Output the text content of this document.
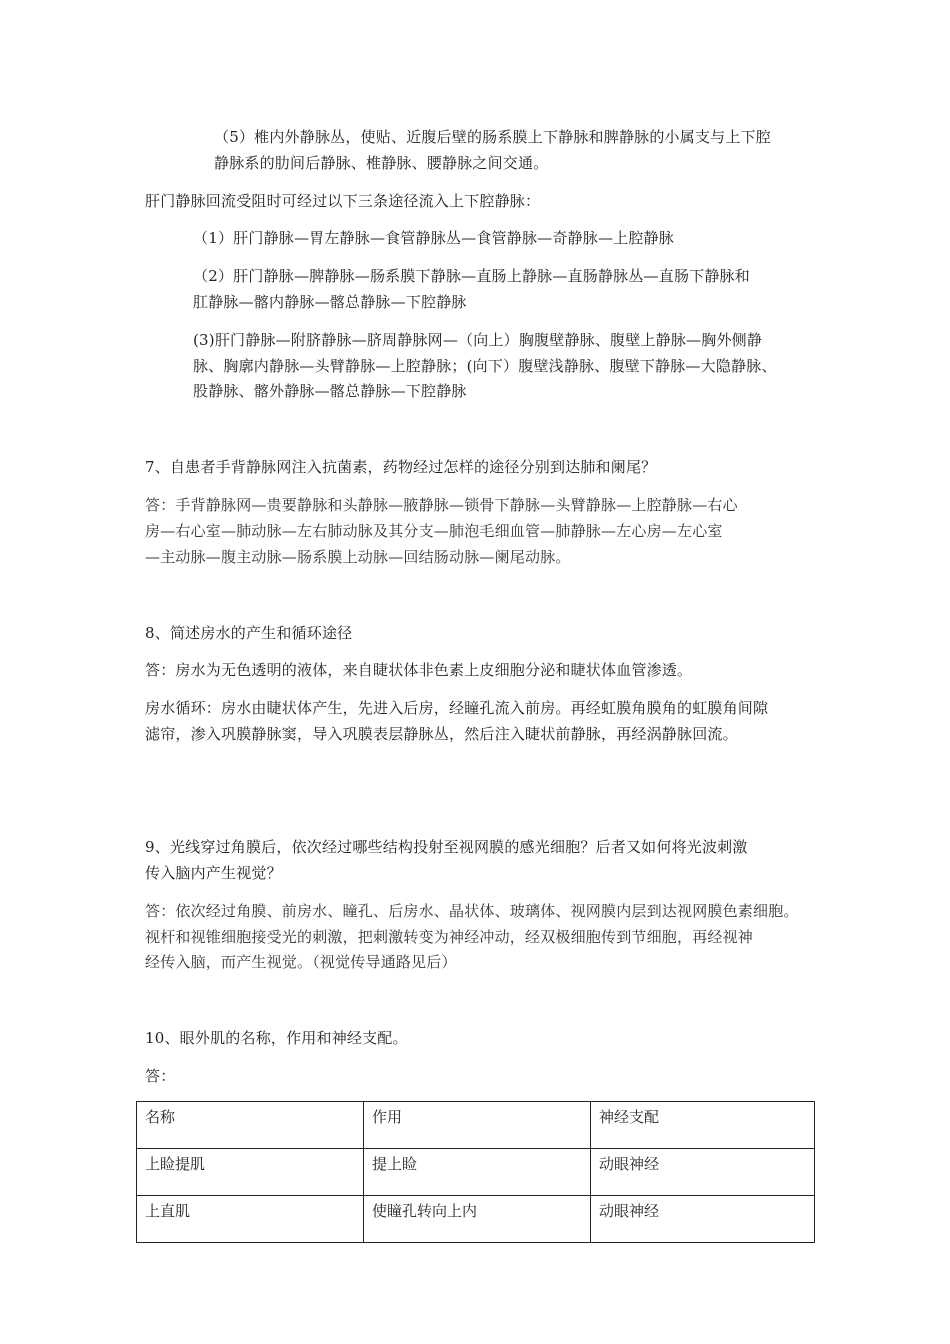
（5）椎内外静脉丛，使贴、近腹后壁的肠系膜上下静脉和脾静脉的小属支与上下腔
静脉系的肋间后静脉、椎静脉、腰静脉之间交通。
肝门静脉回流受阻时可经过以下三条途径流入上下腔静脉：
（1）肝门静脉—胃左静脉—食管静脉丛—食管静脉—奇静脉—上腔静脉
（2）肝门静脉—脾静脉—肠系膜下静脉—直肠上静脉—直肠静脉丛—直肠下静脉和
肛静脉—髂内静脉—髂总静脉—下腔静脉
(3)肝门静脉—附脐静脉—脐周静脉网—（向上）胸腹壁静脉、腹壁上静脉—胸外侧静
脉、胸廓内静脉—头臂静脉—上腔静脉；(向下）腹壁浅静脉、腹壁下静脉—大隐静脉、
股静脉、髂外静脉—髂总静脉—下腔静脉
7、自患者手背静脉网注入抗菌素，药物经过怎样的途径分别到达肺和阑尾？
答：手背静脉网—贵要静脉和头静脉—腋静脉—锁骨下静脉—头臂静脉—上腔静脉—右心
房—右心室—肺动脉—左右肺动脉及其分支—肺泡毛细血管—肺静脉—左心房—左心室
—主动脉—腹主动脉—肠系膜上动脉—回结肠动脉—阑尾动脉。
8、简述房水的产生和循环途径
答：房水为无色透明的液体，来自睫状体非色素上皮细胞分泌和睫状体血管渗透。
房水循环：房水由睫状体产生，先进入后房，经瞳孔流入前房。再经虹膜角膜角的虹膜角间隙
滤帘，渗入巩膜静脉窦，导入巩膜表层静脉丛，然后注入睫状前静脉，再经涡静脉回流。
9、光线穿过角膜后，依次经过哪些结构投射至视网膜的感光细胞？后者又如何将光波刺激
传入脑内产生视觉？
答：依次经过角膜、前房水、瞳孔、后房水、晶状体、玻璃体、视网膜内层到达视网膜色素细胞。
视杆和视锥细胞接受光的刺激，把刺激转变为神经冲动，经双极细胞传到节细胞，再经视神
经传入脑，而产生视觉。（视觉传导通路见后）
10、眼外肌的名称，作用和神经支配。
答：
名称	作用	神经支配
上睑提肌	提上睑	动眼神经
上直肌	使瞳孔转向上内	动眼神经
